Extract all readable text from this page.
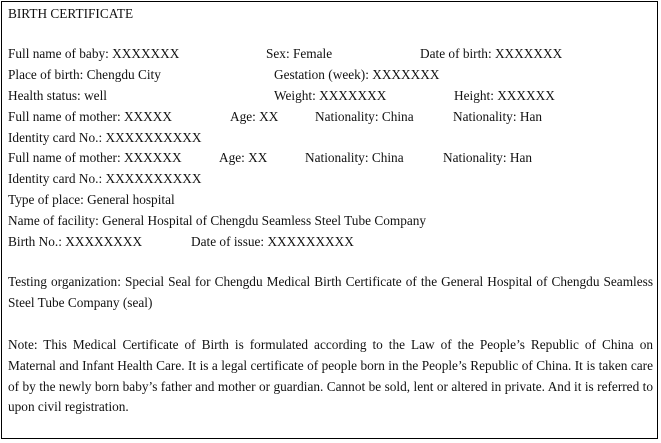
BIRTH CERTIFICATE
Full name of baby: XXXXXXX	Sex: Female	Date of birth: XXXXXXX
Place of birth: Chengdu City	Gestation (week): XXXXXXX
Health status: well	Weight: XXXXXXX	Height: XXXXXX
Full name of mother: XXXXX	Age: XX	Nationality: China	Nationality: Han
Identity card No.: XXXXXXXXXX
Full name of mother: XXXXXX	Age: XX	Nationality: China	Nationality: Han
Identity card No.: XXXXXXXXXX
Type of place: General hospital
Name of facility: General Hospital of Chengdu Seamless Steel Tube Company
Birth No.: XXXXXXXX	Date of issue: XXXXXXXXX
Testing organization: Special Seal for Chengdu Medical Birth Certificate of the General Hospital of Chengdu Seamless Steel Tube Company (seal)
Note: This Medical Certificate of Birth is formulated according to the Law of the People’s Republic of China on Maternal and Infant Health Care. It is a legal certificate of people born in the People’s Republic of China. It is taken care of by the newly born baby’s father and mother or guardian. Cannot be sold, lent or altered in private. And it is referred to upon civil registration.
